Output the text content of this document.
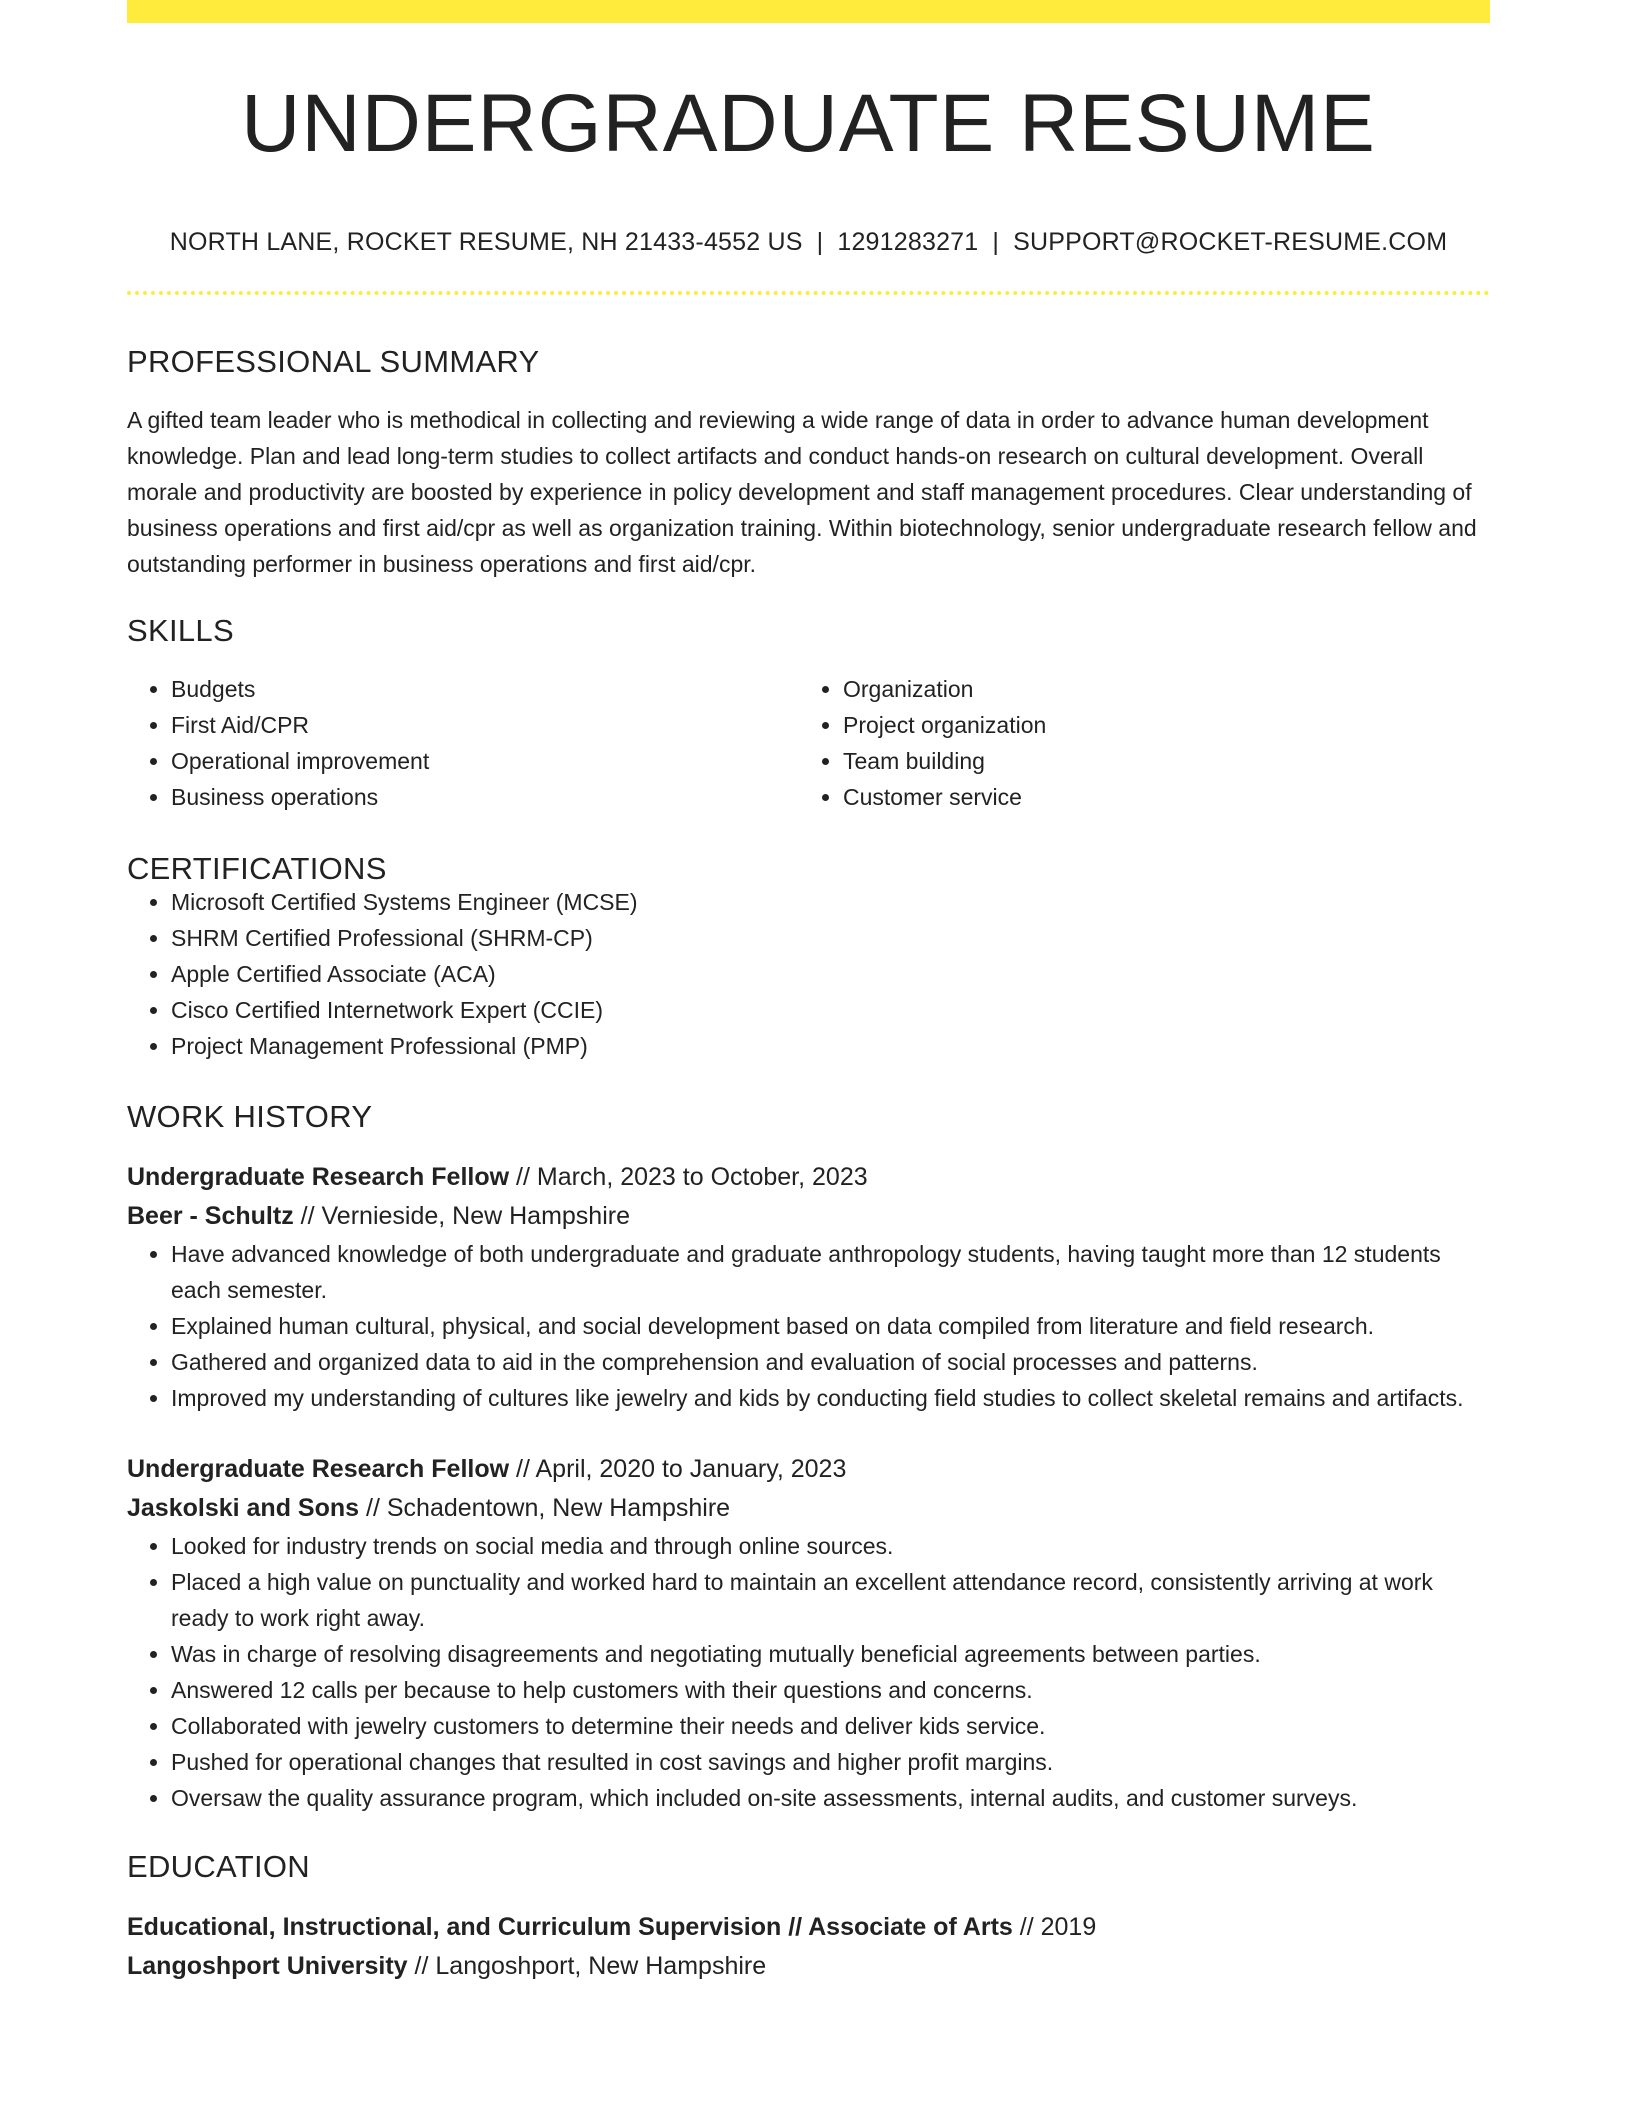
UNDERGRADUATE RESUME
NORTH LANE, ROCKET RESUME, NH 21433-4552 US | 1291283271 | SUPPORT@ROCKET-RESUME.COM
PROFESSIONAL SUMMARY

A gifted team leader who is methodical in collecting and reviewing a wide range of data in order to advance human development knowledge. Plan and lead long-term studies to collect artifacts and conduct hands-on research on cultural development. Overall morale and productivity are boosted by experience in policy development and staff management procedures. Clear understanding of business operations and first aid/cpr as well as organization training. Within biotechnology, senior undergraduate research fellow and outstanding performer in business operations and first aid/cpr.

SKILLS
• Budgets
• First Aid/CPR
• Operational improvement
• Business operations
• Organization
• Project organization
• Team building
• Customer service
CERTIFICATIONS
• Microsoft Certified Systems Engineer (MCSE)
• SHRM Certified Professional (SHRM-CP)
• Apple Certified Associate (ACA)
• Cisco Certified Internetwork Expert (CCIE)
• Project Management Professional (PMP)
WORK HISTORY
Undergraduate Research Fellow // March, 2023 to October, 2023
Beer - Schultz // Vernieside, New Hampshire
• Have advanced knowledge of both undergraduate and graduate anthropology students, having taught more than 12 students each semester.
• Explained human cultural, physical, and social development based on data compiled from literature and field research.
• Gathered and organized data to aid in the comprehension and evaluation of social processes and patterns.
• Improved my understanding of cultures like jewelry and kids by conducting field studies to collect skeletal remains and artifacts.
Undergraduate Research Fellow // April, 2020 to January, 2023
Jaskolski and Sons // Schadentown, New Hampshire
• Looked for industry trends on social media and through online sources.
• Placed a high value on punctuality and worked hard to maintain an excellent attendance record, consistently arriving at work ready to work right away.
• Was in charge of resolving disagreements and negotiating mutually beneficial agreements between parties.
• Answered 12 calls per because to help customers with their questions and concerns.
• Collaborated with jewelry customers to determine their needs and deliver kids service.
• Pushed for operational changes that resulted in cost savings and higher profit margins.
• Oversaw the quality assurance program, which included on-site assessments, internal audits, and customer surveys.
EDUCATION
Educational, Instructional, and Curriculum Supervision // Associate of Arts // 2019
Langoshport University // Langoshport, New Hampshire
